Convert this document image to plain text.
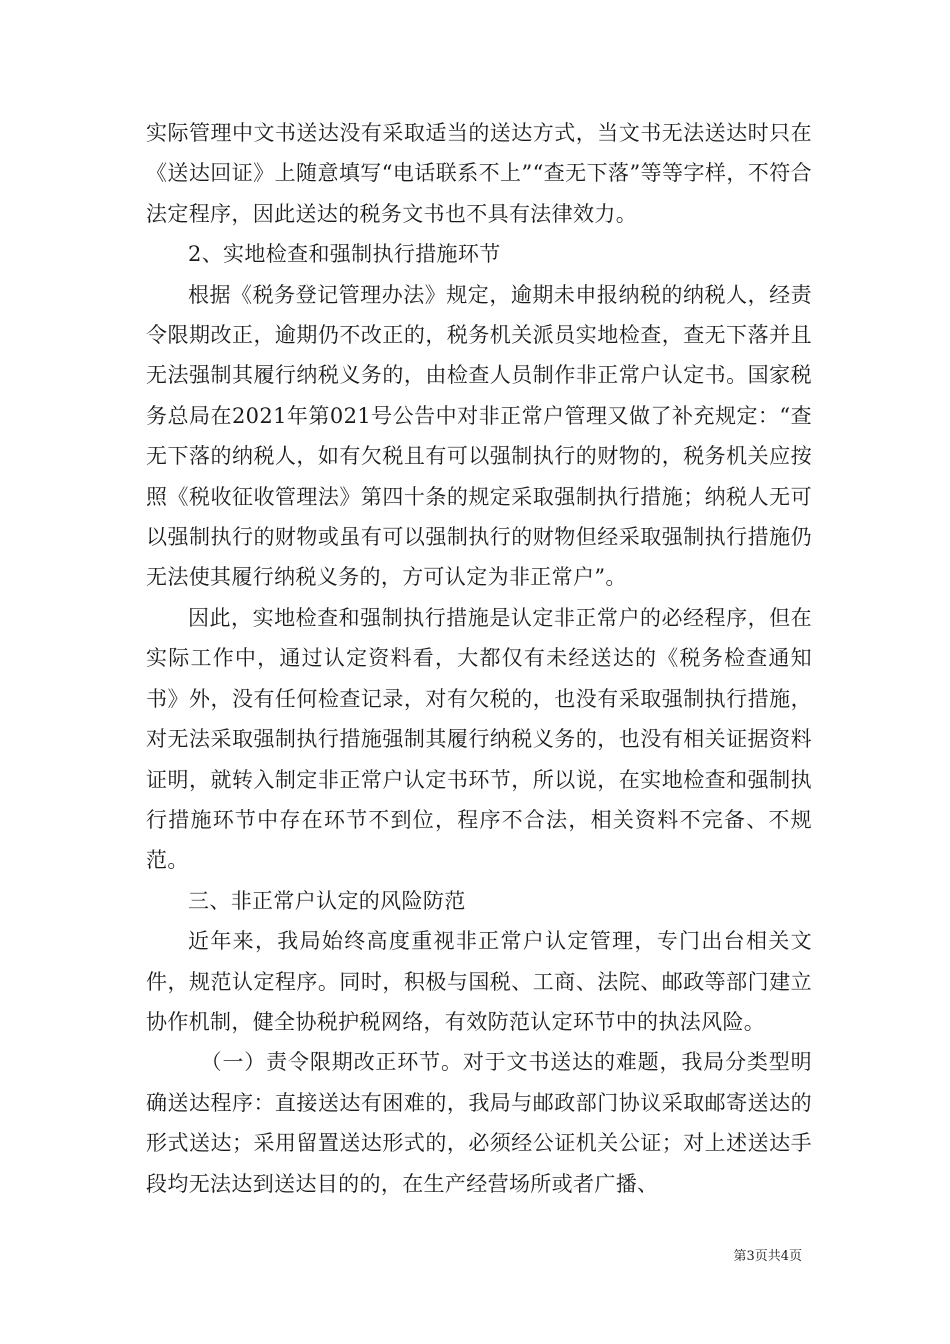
实际管理中文书送达没有采取适当的送达方式，当文书无法送达时只在《送达回证》上随意填写“电话联系不上”“查无下落”等等字样，不符合法定程序，因此送达的税务文书也不具有法律效力。

2、实地检查和强制执行措施环节

根据《税务登记管理办法》规定，逾期未申报纳税的纳税人，经责令限期改正，逾期仍不改正的，税务机关派员实地检查，查无下落并且无法强制其履行纳税义务的，由检查人员制作非正常户认定书。国家税务总局在2021年第021号公告中对非正常户管理又做了补充规定：“查无下落的纳税人，如有欠税且有可以强制执行的财物的，税务机关应按照《税收征收管理法》第四十条的规定采取强制执行措施；纳税人无可以强制执行的财物或虽有可以强制执行的财物但经采取强制执行措施仍无法使其履行纳税义务的，方可认定为非正常户”。

因此，实地检查和强制执行措施是认定非正常户的必经程序，但在实际工作中，通过认定资料看，大都仅有未经送达的《税务检查通知书》外，没有任何检查记录，对有欠税的，也没有采取强制执行措施，对无法采取强制执行措施强制其履行纳税义务的，也没有相关证据资料证明，就转入制定非正常户认定书环节，所以说，在实地检查和强制执行措施环节中存在环节不到位，程序不合法，相关资料不完备、不规范。

三、非正常户认定的风险防范

近年来，我局始终高度重视非正常户认定管理，专门出台相关文件，规范认定程序。同时，积极与国税、工商、法院、邮政等部门建立协作机制，健全协税护税网络，有效防范认定环节中的执法风险。

（一）责令限期改正环节。对于文书送达的难题，我局分类型明确送达程序：直接送达有困难的，我局与邮政部门协议采取邮寄送达的形式送达；采用留置送达形式的，必须经公证机关公证；对上述送达手段均无法达到送达目的的，在生产经营场所或者广播、

第3页共4页
